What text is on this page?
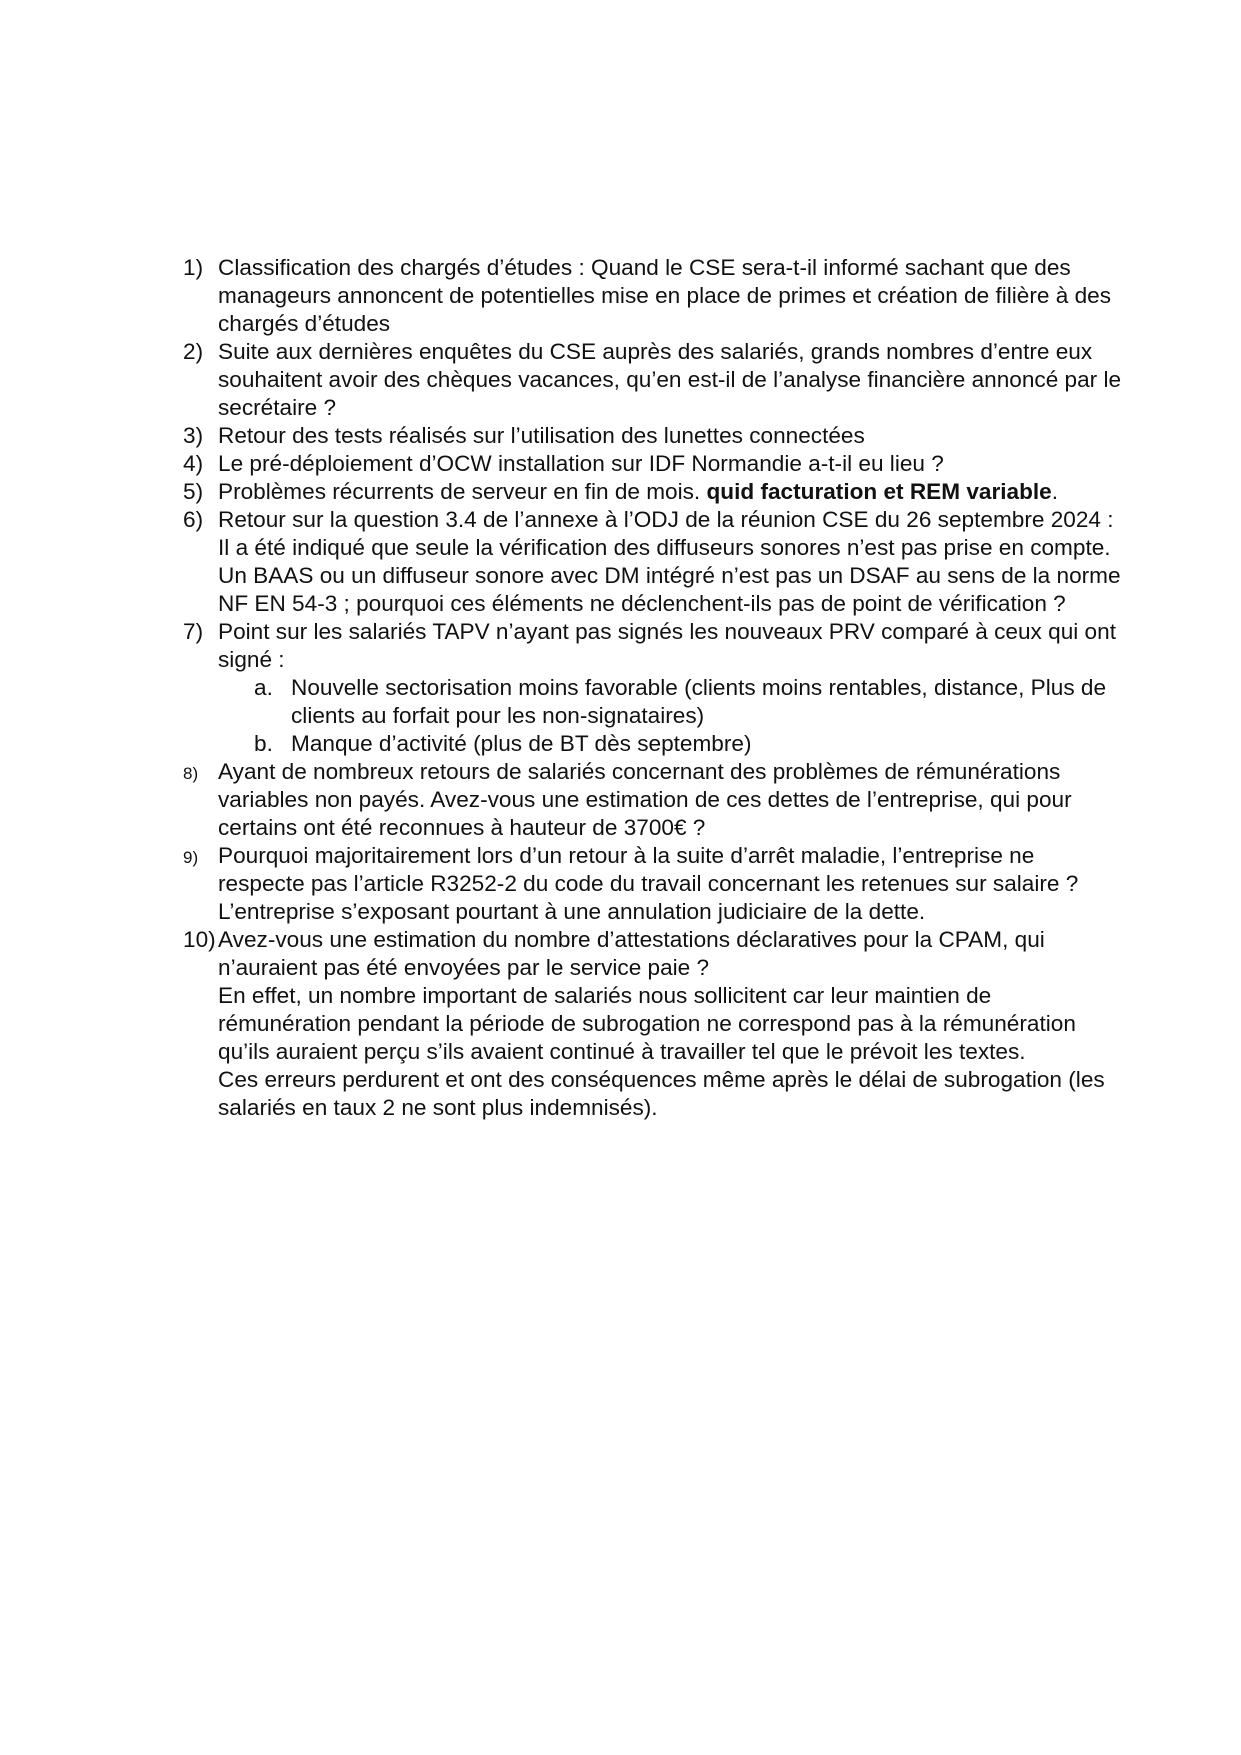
1) Classification des chargés d’études : Quand le CSE sera-t-il informé sachant que des manageurs annoncent de potentielles mise en place de primes et création de filière à des chargés d’études
2) Suite aux dernières enquêtes du CSE auprès des salariés, grands nombres d’entre eux souhaitent avoir des chèques vacances, qu’en est-il de l’analyse financière annoncé par le secrétaire ?
3) Retour des tests réalisés sur l’utilisation des lunettes connectées
4) Le pré-déploiement d’OCW installation sur IDF Normandie a-t-il eu lieu ?
5) Problèmes récurrents de serveur en fin de mois. quid facturation et REM variable.
6) Retour sur la question 3.4 de l’annexe à l’ODJ de la réunion CSE du 26 septembre 2024 : Il a été indiqué que seule la vérification des diffuseurs sonores n’est pas prise en compte. Un BAAS ou un diffuseur sonore avec DM intégré n’est pas un DSAF au sens de la norme NF EN 54-3 ; pourquoi ces éléments ne déclenchent-ils pas de point de vérification ?
7) Point sur les salariés TAPV n’ayant pas signés les nouveaux PRV comparé à ceux qui ont signé :
a. Nouvelle sectorisation moins favorable (clients moins rentables, distance, Plus de clients au forfait pour les non-signataires)
b. Manque d’activité (plus de BT dès septembre)
8) Ayant de nombreux retours de salariés concernant des problèmes de rémunérations variables non payés. Avez-vous une estimation de ces dettes de l’entreprise, qui pour certains ont été reconnues à hauteur de 3700€ ?
9) Pourquoi majoritairement lors d’un retour à la suite d’arrêt maladie, l’entreprise ne respecte pas l’article R3252-2 du code du travail concernant les retenues sur salaire ? L’entreprise s’exposant pourtant à une annulation judiciaire de la dette.
10) Avez-vous une estimation du nombre d’attestations déclaratives pour la CPAM, qui n’auraient pas été envoyées par le service paie ?
En effet, un nombre important de salariés nous sollicitent car leur maintien de rémunération pendant la période de subrogation ne correspond pas à la rémunération qu’ils auraient perçu s’ils avaient continué à travailler tel que le prévoit les textes.
Ces erreurs perdurent et ont des conséquences même après le délai de subrogation (les salariés en taux 2 ne sont plus indemnisés).
